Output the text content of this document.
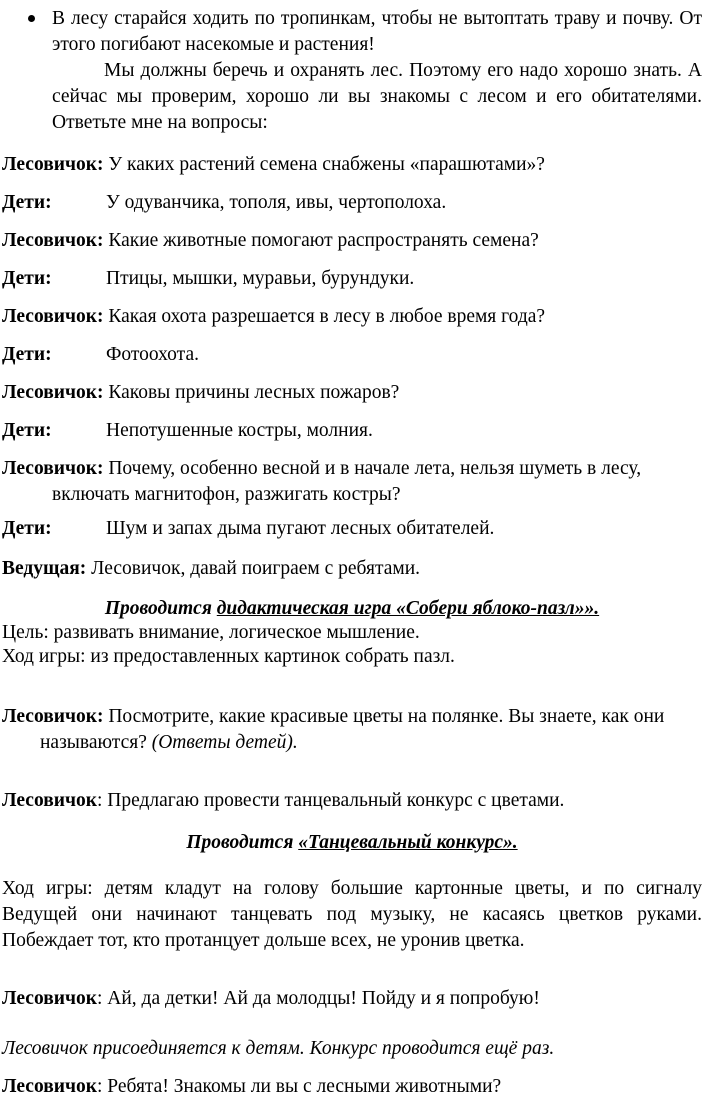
В лесу старайся ходить по тропинкам, чтобы не вытоптать траву и почву. От этого погибают насекомые и растения!
Мы должны беречь и охранять лес. Поэтому его надо хорошо знать. А сейчас мы проверим, хорошо ли вы знакомы с лесом и его обитателями. Ответьте мне на вопросы:

Лесовичок: У каких растений семена снабжены «парашютами»?

Дети:	У одуванчика, тополя, ивы, чертополоха.

Лесовичок: Какие животные помогают распространять семена?

Дети:	Птицы, мышки, муравьи, бурундуки.

Лесовичок: Какая охота разрешается в лесу в любое время года?

Дети:	Фотоохота.

Лесовичок: Каковы причины лесных пожаров?

Дети:	Непотушенные костры, молния.

Лесовичок: Почему, особенно весной и в начале лета, нельзя шуметь в лесу, включать магнитофон, разжигать костры?

Дети:	Шум и запах дыма пугают лесных обитателей.

Ведущая: Лесовичок, давай поиграем с ребятами.

Проводится дидактическая игра «Собери яблоко-пазл»».

Цель: развивать внимание, логическое мышление.

Ход игры: из предоставленных картинок собрать пазл.

Лесовичок: Посмотрите, какие красивые цветы на полянке. Вы знаете, как они называются? (Ответы детей).

Лесовичок: Предлагаю провести танцевальный конкурс с цветами.

Проводится «Танцевальный конкурс».

Ход игры: детям кладут на голову большие картонные цветы, и по сигналу Ведущей они начинают танцевать под музыку, не касаясь цветков руками. Побеждает тот, кто протанцует дольше всех, не уронив цветка.

Лесовичок: Ай, да детки! Ай да молодцы! Пойду и я попробую!

Лесовичок присоединяется к детям. Конкурс проводится ещё раз.

Лесовичок: Ребята! Знакомы ли вы с лесными животными?
